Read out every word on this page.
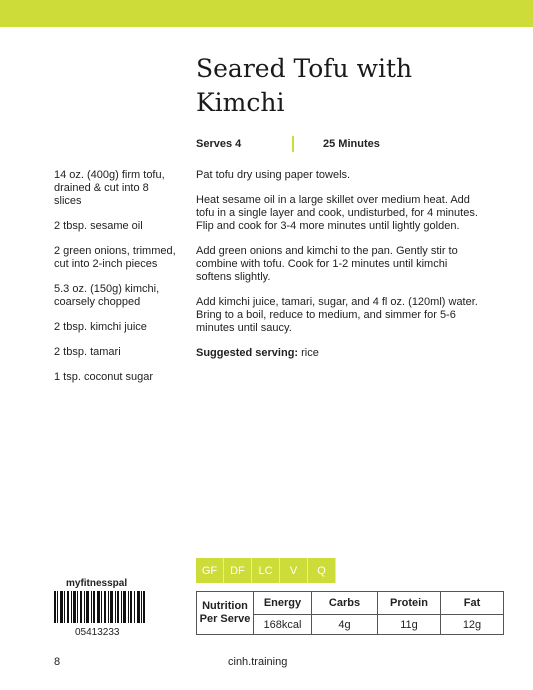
Seared Tofu with Kimchi
Serves 4	25 Minutes
14 oz. (400g) firm tofu, drained & cut into 8 slices
2 tbsp. sesame oil
2 green onions, trimmed, cut into 2-inch pieces
5.3 oz. (150g) kimchi, coarsely chopped
2 tbsp. kimchi juice
2 tbsp. tamari
1 tsp. coconut sugar

Pat tofu dry using paper towels.

Heat sesame oil in a large skillet over medium heat. Add tofu in a single layer and cook, undisturbed, for 4 minutes. Flip and cook for 3-4 more minutes until lightly golden.

Add green onions and kimchi to the pan. Gently stir to combine with tofu. Cook for 1-2 minutes until kimchi softens slightly.

Add kimchi juice, tamari, sugar, and 4 fl oz. (120ml) water. Bring to a boil, reduce to medium, and simmer for 5-6 minutes until saucy.

Suggested serving: rice

GF	DF	LC	V	Q
Nutrition Per Serve	Energy	Carbs	Protein	Fat
	168kcal	4g	11g	12g
myfitnesspal
05413233
8	cinh.training
